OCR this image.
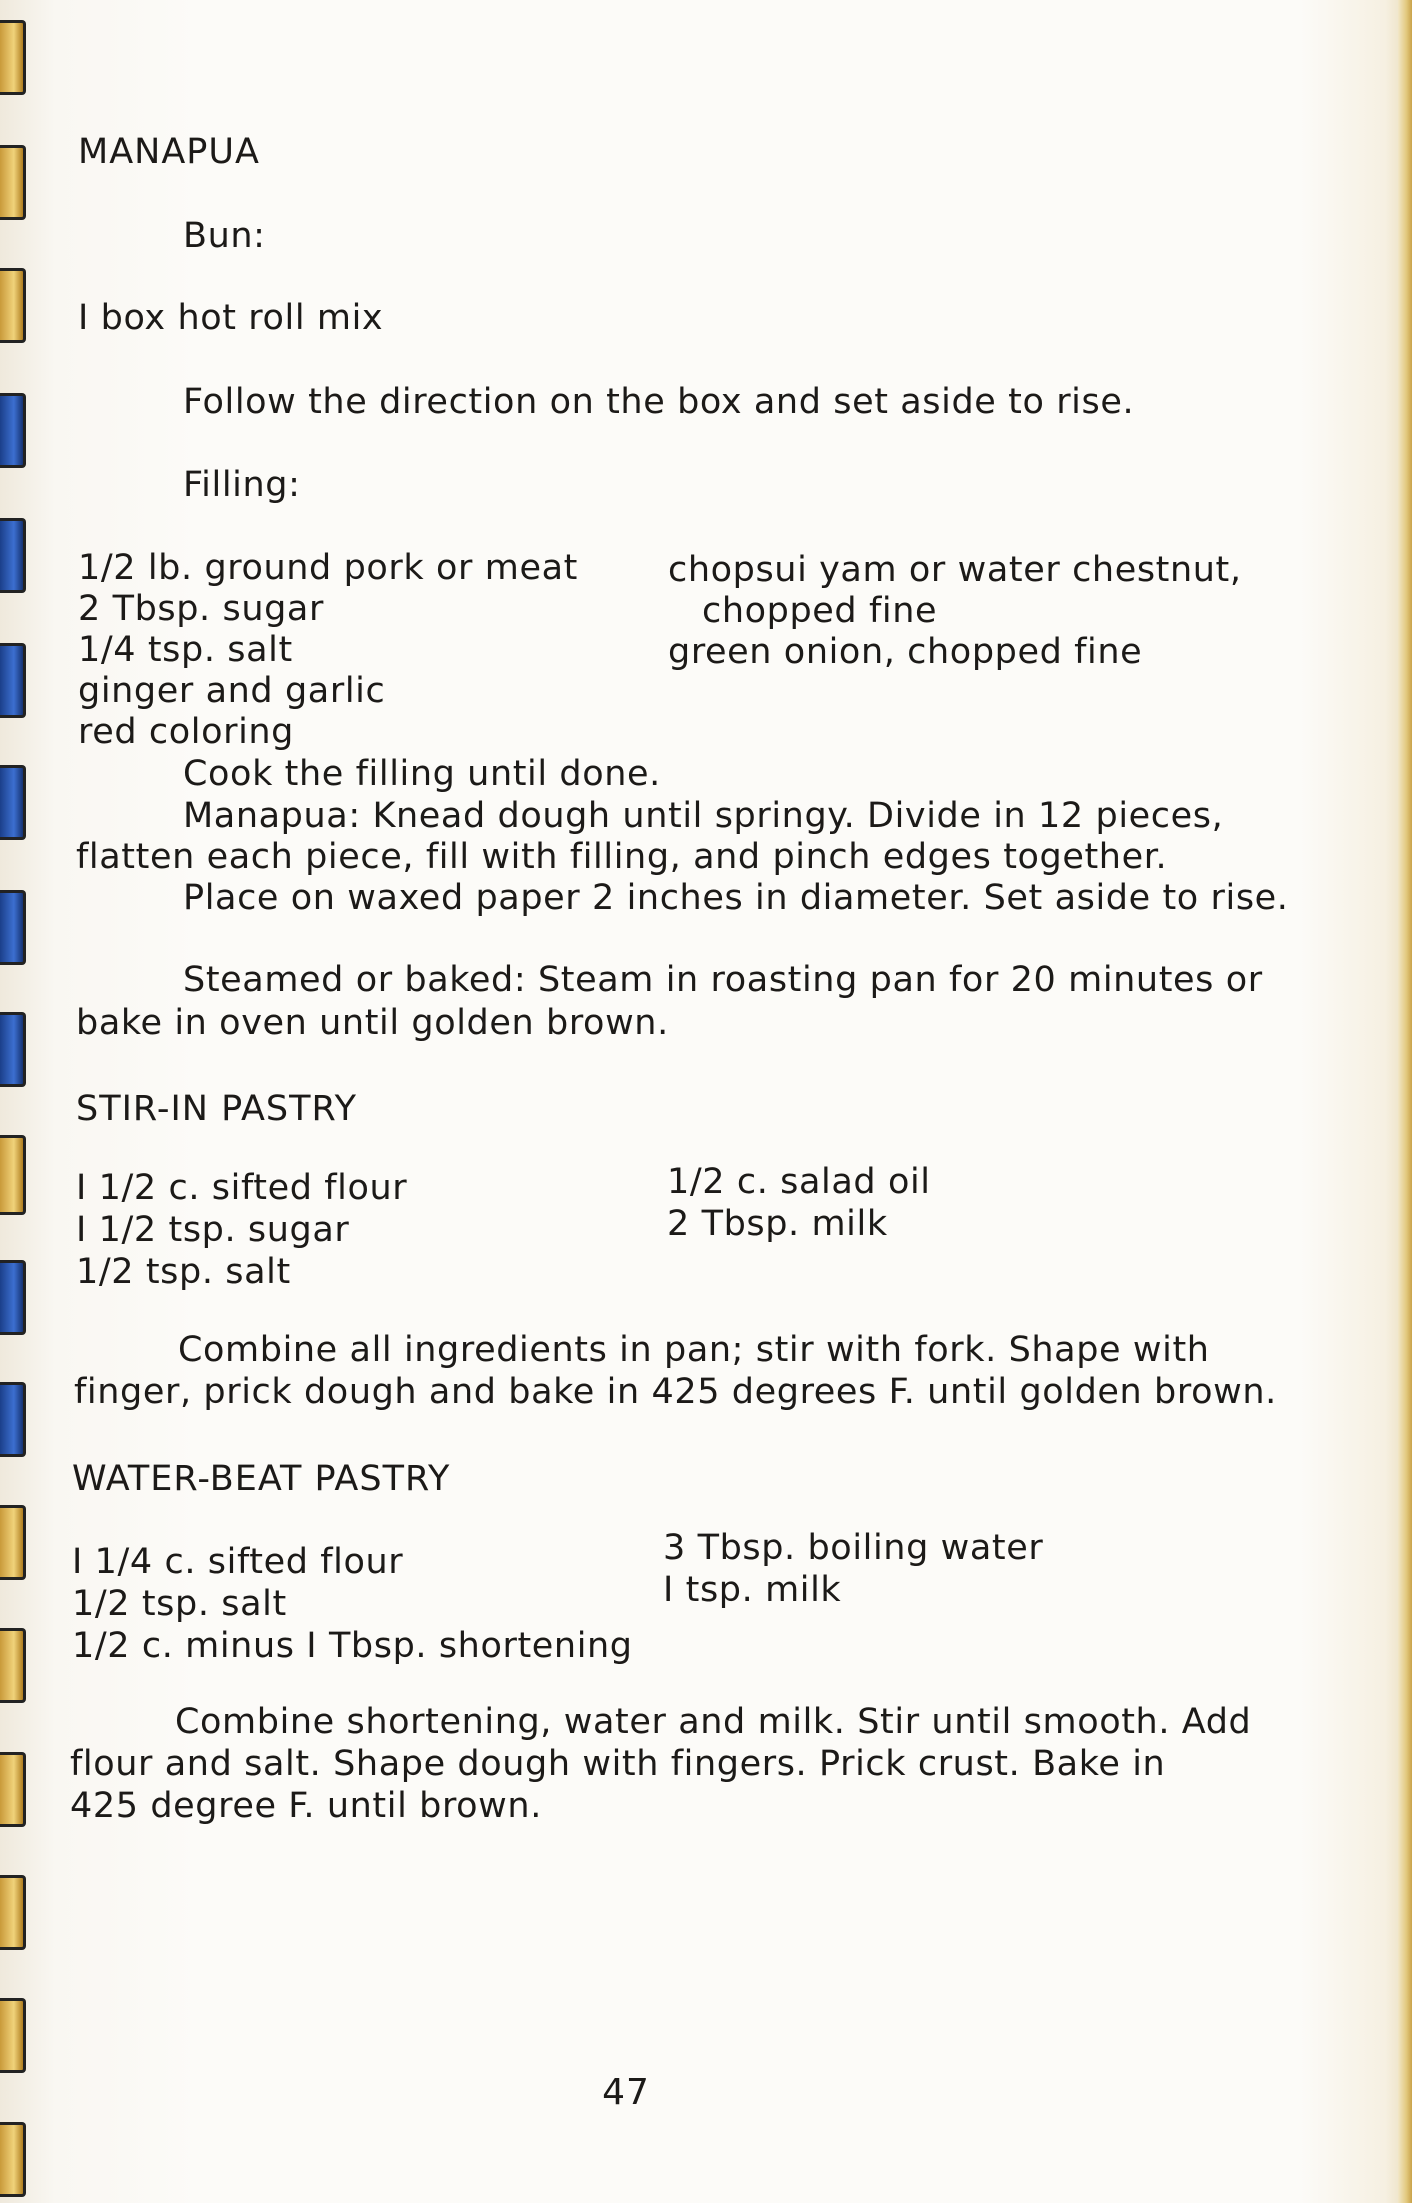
MANAPUA

Bun:

I box hot roll mix

Follow the direction on the box and set aside to rise.

Filling:

1/2 lb. ground pork or meat

2 Tbsp. sugar

1/4 tsp. salt

ginger and garlic

red coloring

chopsui yam or water chestnut,

chopped fine

green onion, chopped fine

Cook the filling until done.

Manapua: Knead dough until springy. Divide in 12 pieces,

flatten each piece, fill with filling, and pinch edges together.

Place on waxed paper 2 inches in diameter. Set aside to rise.

Steamed or baked: Steam in roasting pan for 20 minutes or

bake in oven until golden brown.

STIR-IN PASTRY

I 1/2 c. sifted flour

I 1/2 tsp. sugar

1/2 tsp. salt

1/2 c. salad oil

2 Tbsp. milk

Combine all ingredients in pan; stir with fork. Shape with

finger, prick dough and bake in 425 degrees F. until golden brown.

WATER-BEAT PASTRY

I 1/4 c. sifted flour

1/2 tsp. salt

1/2 c. minus I Tbsp. shortening

3 Tbsp. boiling water

I tsp. milk

Combine shortening, water and milk. Stir until smooth. Add

flour and salt. Shape dough with fingers. Prick crust. Bake in

425 degree F. until brown.

47
